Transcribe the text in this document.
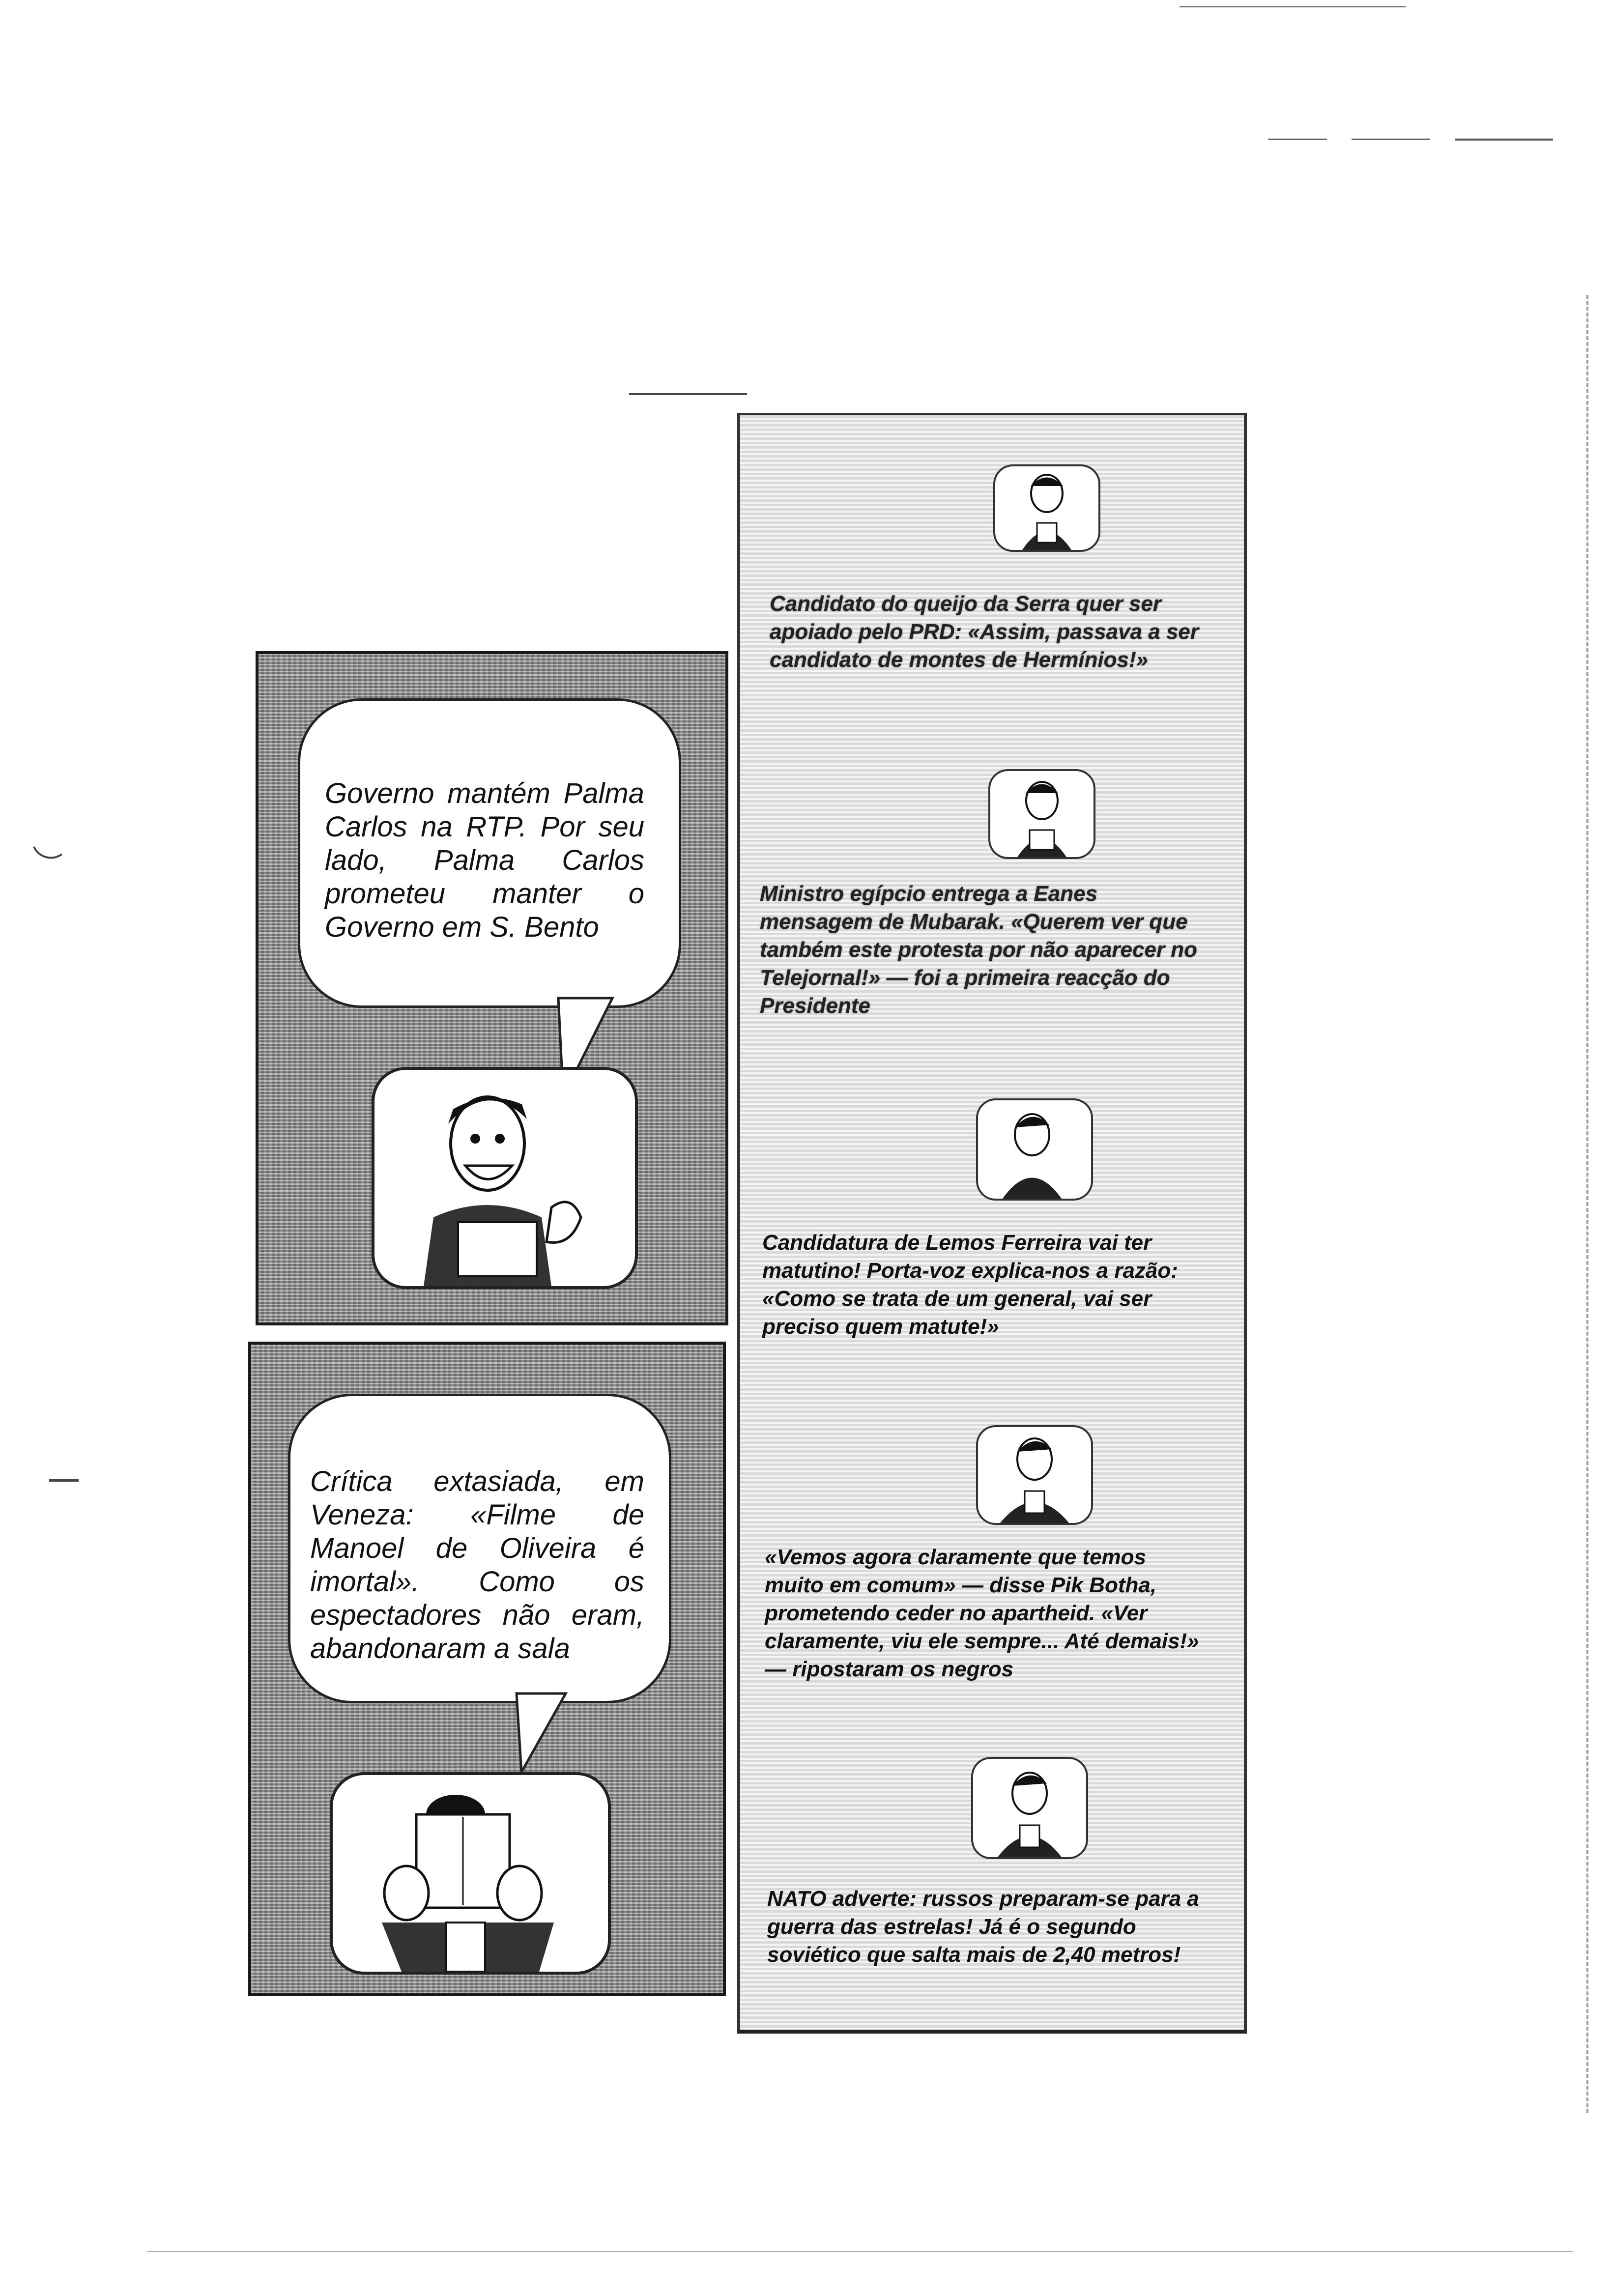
Governo mantém Palma Carlos na RTP. Por seu lado, Palma Carlos prometeu manter o Governo em S. Bento
Crítica extasiada, em Veneza: «Filme de Manoel de Oliveira é imortal». Como os espectadores não eram, abandonaram a sala
Candidato do queijo da Serra quer ser apoiado pelo PRD: «Assim, passava a ser candidato de montes de Hermínios!»
Ministro egípcio entrega a Eanes mensagem de Mubarak. «Querem ver que também este protesta por não aparecer no Telejornal!» — foi a primeira reacção do Presidente
Candidatura de Lemos Ferreira vai ter matutino! Porta-voz explica-nos a razão: «Como se trata de um general, vai ser preciso quem matute!»
«Vemos agora claramente que temos muito em comum» — disse Pik Botha, prometendo ceder no apartheid. «Ver claramente, viu ele sempre... Até demais!» — ripostaram os negros
NATO adverte: russos preparam-se para a guerra das estrelas! Já é o segundo soviético que salta mais de 2,40 metros!
